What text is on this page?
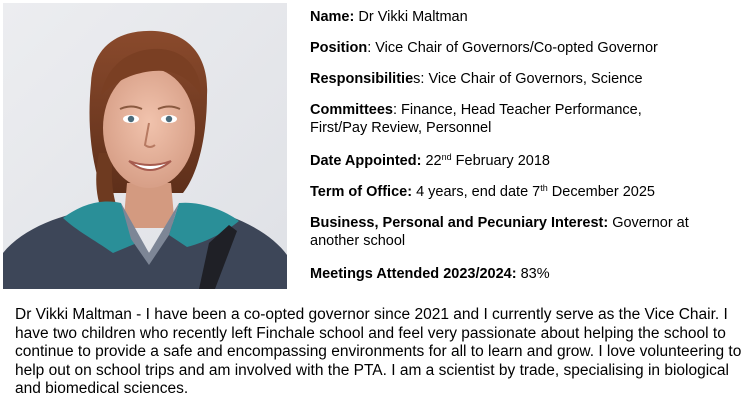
Name: Dr Vikki Maltman
Position: Vice Chair of Governors/Co-opted Governor
Responsibilities: Vice Chair of Governors, Science
Committees: Finance, Head Teacher Performance,
First/Pay Review, Personnel
Date Appointed: 22nd February 2018
Term of Office: 4 years, end date 7th December 2025
Business, Personal and Pecuniary Interest: Governor at
another school
Meetings Attended 2023/2024: 83%
Dr Vikki Maltman - I have been a co-opted governor since 2021 and I currently serve as the Vice Chair. I have two children who recently left Finchale school and feel very passionate about helping the school to continue to provide a safe and encompassing environments for all to learn and grow. I love volunteering to help out on school trips and am involved with the PTA. I am a scientist by trade, specialising in biological and biomedical sciences.
